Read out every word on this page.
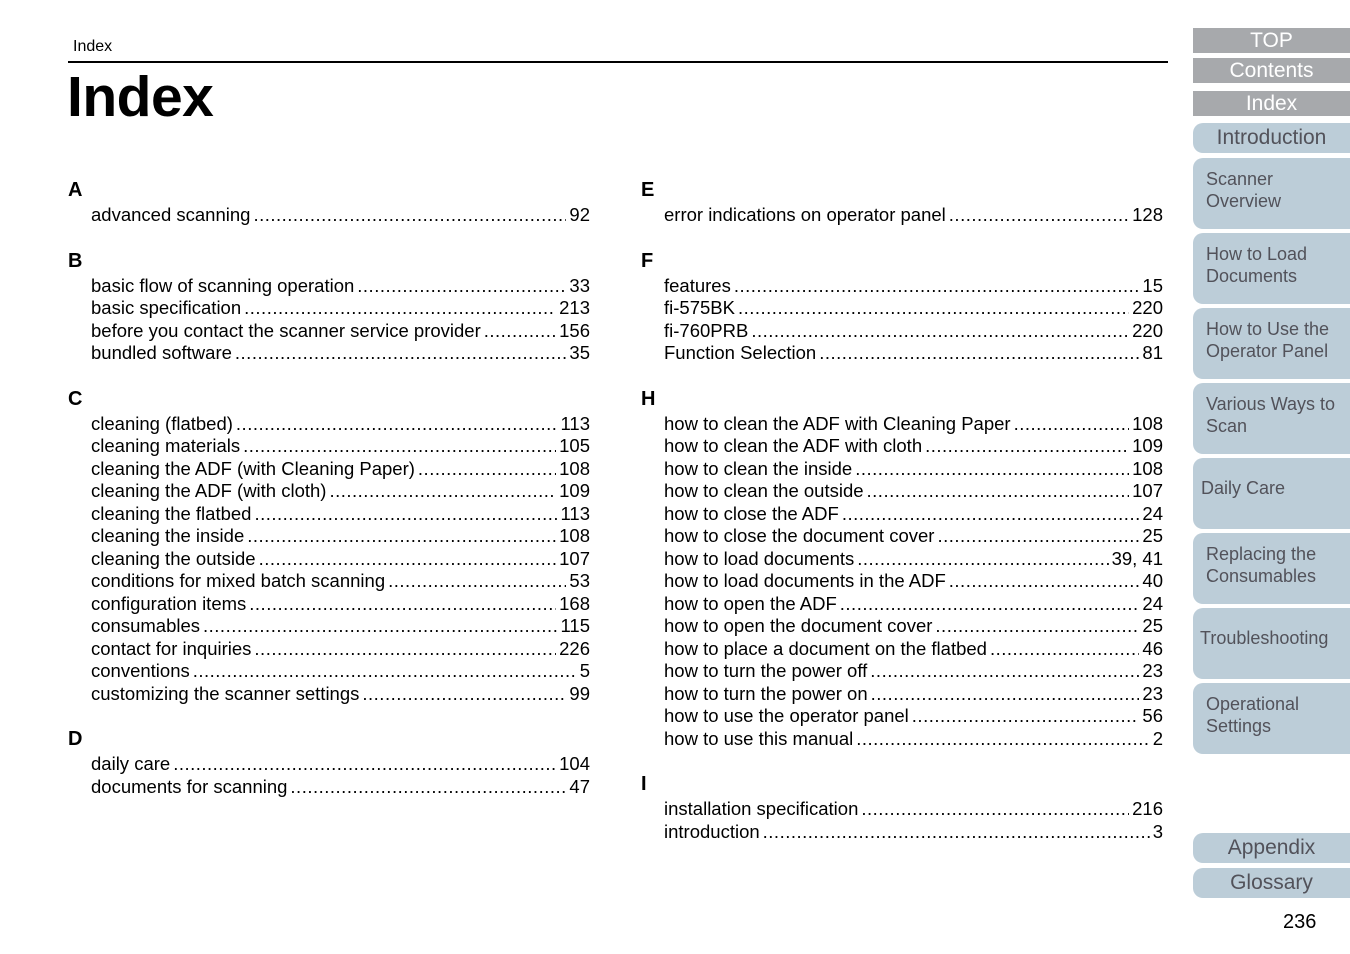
Index
Index
A
advanced scanning .....	92
B
basic flow of scanning operation .....	33
basic specification .....	213
before you contact the scanner service provider .....	156
bundled software .....	35
C
cleaning (flatbed) .....	113
cleaning materials .....	105
cleaning the ADF (with Cleaning Paper) .....	108
cleaning the ADF (with cloth) .....	109
cleaning the flatbed .....	113
cleaning the inside .....	108
cleaning the outside .....	107
conditions for mixed batch scanning .....	53
configuration items .....	168
consumables .....	115
contact for inquiries .....	226
conventions .....	5
customizing the scanner settings .....	99
D
daily care .....	104
documents for scanning .....	47
E
error indications on operator panel .....	128
F
features .....	15
fi-575BK .....	220
fi-760PRB .....	220
Function Selection .....	81
H
how to clean the ADF with Cleaning Paper .....	108
how to clean the ADF with cloth .....	109
how to clean the inside .....	108
how to clean the outside .....	107
how to close the ADF .....	24
how to close the document cover .....	25
how to load documents .....	39, 41
how to load documents in the ADF .....	40
how to open the ADF .....	24
how to open the document cover .....	25
how to place a document on the flatbed .....	46
how to turn the power off .....	23
how to turn the power on .....	23
how to use the operator panel .....	56
how to use this manual .....	2
I
installation specification .....	216
introduction .....	3
TOP
Contents
Index
Introduction
Scanner
Overview
How to Load
Documents
How to Use the
Operator Panel
Various Ways to
Scan
Daily Care
Replacing the
Consumables
Troubleshooting
Operational
Settings
Appendix
Glossary
236
